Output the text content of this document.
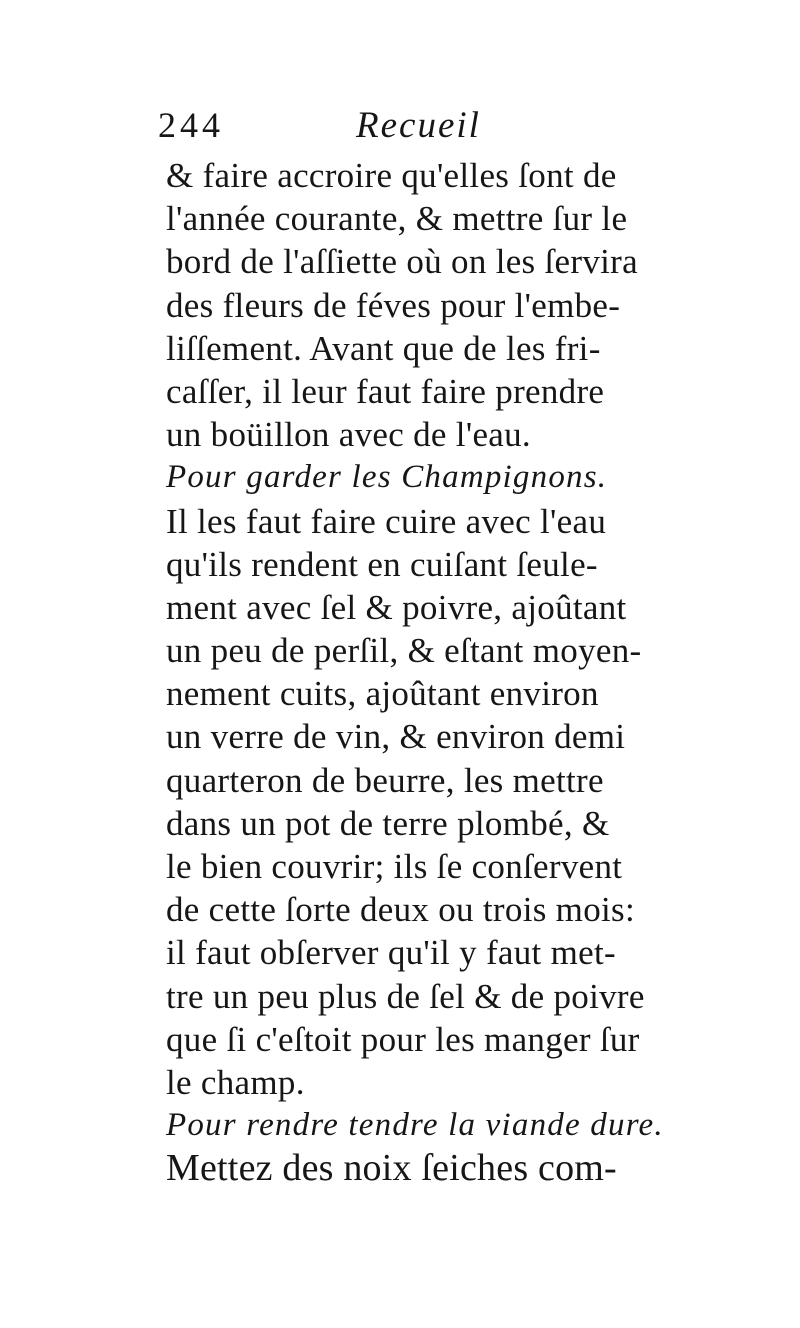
244	Recueil
& faire accroire qu'elles ſont de
l'année courante, & mettre ſur le
bord de l'aſſiette où on les ſervira
des fleurs de féves pour l'embe-
liſſement. Avant que de les fri-
caſſer, il leur faut faire prendre
un boüillon avec de l'eau.
Pour garder les Champignons.
Il les faut faire cuire avec l'eau
qu'ils rendent en cuiſant ſeule-
ment avec ſel & poivre, ajoûtant
un peu de perſil, & eſtant moyen-
nement cuits, ajoûtant environ
un verre de vin, & environ demi
quarteron de beurre, les mettre
dans un pot de terre plombé, &
le bien couvrir; ils ſe conſervent
de cette ſorte deux ou trois mois:
il faut obſerver qu'il y faut met-
tre un peu plus de ſel & de poivre
que ſi c'eſtoit pour les manger ſur
le champ.
Pour rendre tendre la viande dure.
Mettez des noix ſeiches com-
